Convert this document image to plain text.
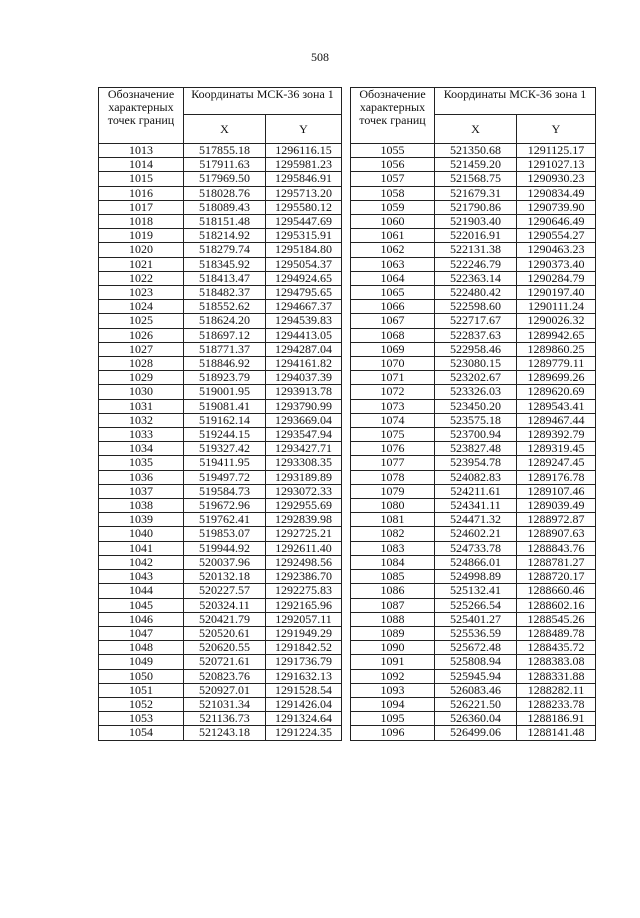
508
Обозначение характерных точек границ	Координаты МСК-36 зона 1	
	X	Y
1013	517855.18	1296116.15
1014	517911.63	1295981.23
1015	517969.50	1295846.91
1016	518028.76	1295713.20
1017	518089.43	1295580.12
1018	518151.48	1295447.69
1019	518214.92	1295315.91
1020	518279.74	1295184.80
1021	518345.92	1295054.37
1022	518413.47	1294924.65
1023	518482.37	1294795.65
1024	518552.62	1294667.37
1025	518624.20	1294539.83
1026	518697.12	1294413.05
1027	518771.37	1294287.04
1028	518846.92	1294161.82
1029	518923.79	1294037.39
1030	519001.95	1293913.78
1031	519081.41	1293790.99
1032	519162.14	1293669.04
1033	519244.15	1293547.94
1034	519327.42	1293427.71
1035	519411.95	1293308.35
1036	519497.72	1293189.89
1037	519584.73	1293072.33
1038	519672.96	1292955.69
1039	519762.41	1292839.98
1040	519853.07	1292725.21
1041	519944.92	1292611.40
1042	520037.96	1292498.56
1043	520132.18	1292386.70
1044	520227.57	1292275.83
1045	520324.11	1292165.96
1046	520421.79	1292057.11
1047	520520.61	1291949.29
1048	520620.55	1291842.52
1049	520721.61	1291736.79
1050	520823.76	1291632.13
1051	520927.01	1291528.54
1052	521031.34	1291426.04
1053	521136.73	1291324.64
1054	521243.18	1291224.35
Обозначение характерных точек границ	Координаты МСК-36 зона 1	
	X	Y
1055	521350.68	1291125.17
1056	521459.20	1291027.13
1057	521568.75	1290930.23
1058	521679.31	1290834.49
1059	521790.86	1290739.90
1060	521903.40	1290646.49
1061	522016.91	1290554.27
1062	522131.38	1290463.23
1063	522246.79	1290373.40
1064	522363.14	1290284.79
1065	522480.42	1290197.40
1066	522598.60	1290111.24
1067	522717.67	1290026.32
1068	522837.63	1289942.65
1069	522958.46	1289860.25
1070	523080.15	1289779.11
1071	523202.67	1289699.26
1072	523326.03	1289620.69
1073	523450.20	1289543.41
1074	523575.18	1289467.44
1075	523700.94	1289392.79
1076	523827.48	1289319.45
1077	523954.78	1289247.45
1078	524082.83	1289176.78
1079	524211.61	1289107.46
1080	524341.11	1289039.49
1081	524471.32	1288972.87
1082	524602.21	1288907.63
1083	524733.78	1288843.76
1084	524866.01	1288781.27
1085	524998.89	1288720.17
1086	525132.41	1288660.46
1087	525266.54	1288602.16
1088	525401.27	1288545.26
1089	525536.59	1288489.78
1090	525672.48	1288435.72
1091	525808.94	1288383.08
1092	525945.94	1288331.88
1093	526083.46	1288282.11
1094	526221.50	1288233.78
1095	526360.04	1288186.91
1096	526499.06	1288141.48
